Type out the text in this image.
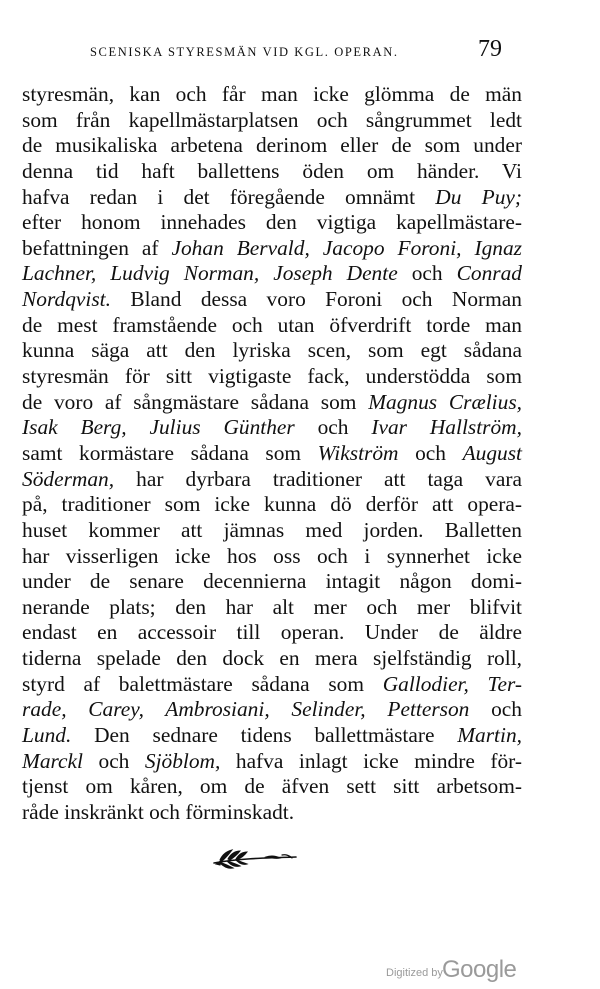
SCENISKA STYRESMÄN VID KGL. OPERAN.	79
styresmän, kan och får man icke glömma de män
som från kapellmästarplatsen och sångrummet ledt
de musikaliska arbetena derinom eller de som under
denna tid haft ballettens öden om händer. Vi
hafva redan i det föregående omnämt Du Puy;
efter honom innehades den vigtiga kapellmästare-
befattningen af Johan Bervald, Jacopo Foroni, Ignaz
Lachner, Ludvig Norman, Joseph Dente och Conrad
Nordqvist. Bland dessa voro Foroni och Norman
de mest framstående och utan öfverdrift torde man
kunna säga att den lyriska scen, som egt sådana
styresmän för sitt vigtigaste fack, understödda som
de voro af sångmästare sådana som Magnus Crælius,
Isak Berg, Julius Günther och Ivar Hallström,
samt kormästare sådana som Wikström och August
Söderman, har dyrbara traditioner att taga vara
på, traditioner som icke kunna dö derför att opera-
huset kommer att jämnas med jorden. Balletten
har visserligen icke hos oss och i synnerhet icke
under de senare decennierna intagit någon domi-
nerande plats; den har alt mer och mer blifvit
endast en accessoir till operan. Under de äldre
tiderna spelade den dock en mera sjelfständig roll,
styrd af balettmästare sådana som Gallodier, Ter-
rade, Carey, Ambrosiani, Selinder, Petterson och
Lund. Den sednare tidens ballettmästare Martin,
Marckl och Sjöblom, hafva inlagt icke mindre för-
tjenst om kåren, om de äfven sett sitt arbetsom-
råde inskränkt och förminskadt.
Digitized by Google
